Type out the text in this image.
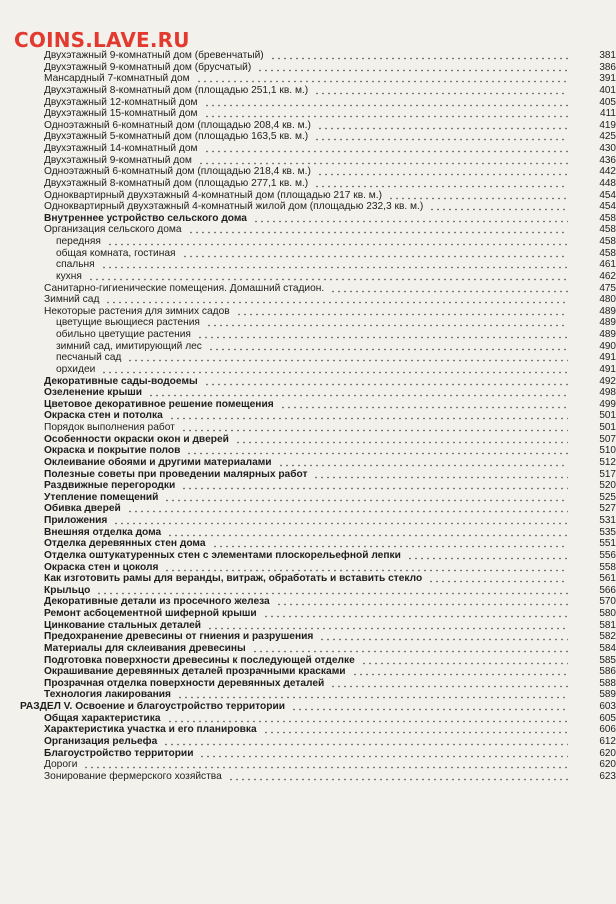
COINS.LAVE.RU
Двухэтажный 9-комнатный дом (бревенчатый)	381
Двухэтажный 9-комнатный дом (брусчатый)	386
Мансардный 7-комнатный дом	391
Двухэтажный 8-комнатный дом (площадью 251,1 кв. м.)	401
Двухэтажный 12-комнатный дом	405
Двухэтажный 15-комнатный дом	411
Одноэтажный 6-комнатный дом (площадью 208,4 кв. м.)	419
Двухэтажный 5-комнатный дом (площадью 163,5 кв. м.)	425
Двухэтажный 14-комнатный дом	430
Двухэтажный 9-комнатный дом	436
Одноэтажный 6-комнатный дом (площадью 218,4 кв. м.)	442
Двухэтажный 8-комнатный дом (площадью 277,1 кв. м.)	448
Одноквартирный двухэтажный 4-комнатный дом (площадью 217 кв. м.)	454
Одноквартирный двухэтажный 4-комнатный жилой дом (площадью 232,3 кв. м.)	454
Внутреннее устройство сельского дома	458
Организация сельского дома	458
передняя	458
общая комната, гостиная	458
спальня	461
кухня	462
Санитарно-гигиенические помещения. Домашний стадион.	475
Зимний сад	480
Некоторые растения для зимних садов	489
цветущие вьющиеся растения	489
обильно цветущие растения	489
зимний сад, имитирующий лес	490
песчаный сад	491
орхидеи	491
Декоративные сады-водоемы	492
Озеленение крыши	498
Цветовое декоративное решение помещения	499
Окраска стен и потолка	501
Порядок выполнения работ	501
Особенности окраски окон и дверей	507
Окраска и покрытие полов	510
Оклеивание обоями и другими материалами	512
Полезные советы при проведении малярных работ	517
Раздвижные перегородки	520
Утепление помещений	525
Обивка дверей	527
Приложения	531
Внешняя отделка дома	535
Отделка деревянных стен дома	551
Отделка оштукатуренных стен с элементами плоскорельефной лепки	556
Окраска стен и цоколя	558
Как изготовить рамы для веранды, витраж, обработать и вставить стекло	561
Крыльцо	566
Декоративные детали из просечного железа	570
Ремонт асбоцементной шиферной крыши	580
Цинкование стальных деталей	581
Предохранение древесины от гниения и разрушения	582
Материалы для склеивания древесины	584
Подготовка поверхности древесины к последующей отделке	585
Окрашивание деревянных деталей прозрачными красками	586
Прозрачная отделка поверхности деревянных деталей	588
Технология лакирования	589
РАЗДЕЛ V. Освоение и благоустройство территории	603
Общая характеристика	605
Характеристика участка и его планировка	606
Организация рельефа	612
Благоустройство территории	620
Дороги	620
Зонирование фермерского хозяйства	623
